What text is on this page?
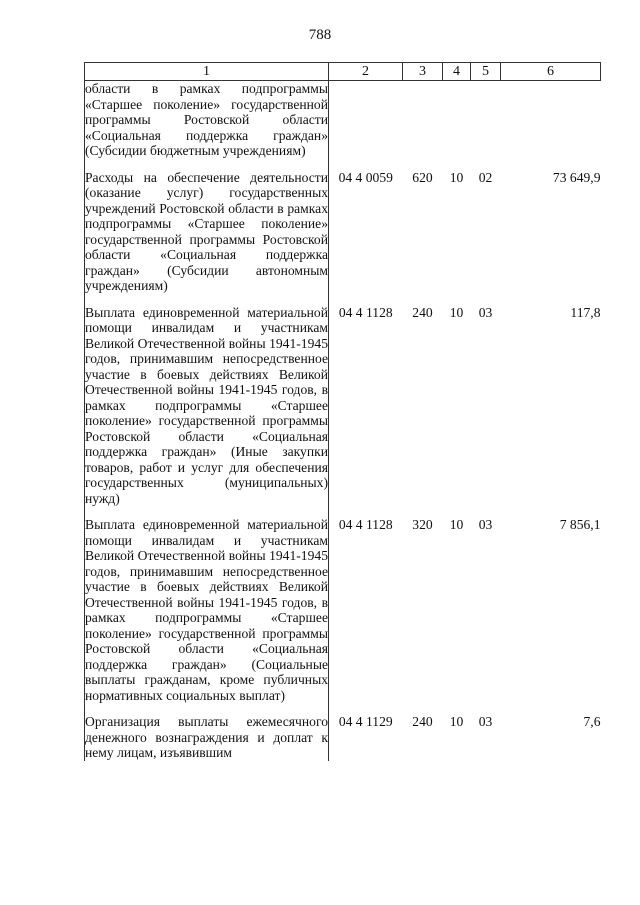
788
1	2	3	4	5	6
области в рамках подпрограммы «Старшее поколение» государственной программы Ростовской области «Социальная поддержка граждан» (Субсидии бюджетным учреждениям)					

Расходы на обеспечение деятельности (оказание услуг) государственных учреждений Ростовской области в рамках подпрограммы «Старшее поколение» государственной программы Ростовской области «Социальная поддержка граждан» (Субсидии автономным учреждениям)	04 4 0059	620	10	02	73 649,9

Выплата единовременной материальной помощи инвалидам и участникам Великой Отечественной войны 1941-1945 годов, принимавшим непосредственное участие в боевых действиях Великой Отечественной войны 1941-1945 годов, в рамках подпрограммы «Старшее поколение» государственной программы Ростовской области «Социальная поддержка граждан» (Иные закупки товаров, работ и услуг для обеспечения государственных (муниципальных) нужд)	04 4 1128	240	10	03	117,8

Выплата единовременной материальной помощи инвалидам и участникам Великой Отечественной войны 1941-1945 годов, принимавшим непосредственное участие в боевых действиях Великой Отечественной войны 1941-1945 годов, в рамках подпрограммы «Старшее поколение» государственной программы Ростовской области «Социальная поддержка граждан» (Социальные выплаты гражданам, кроме публичных нормативных социальных выплат)	04 4 1128	320	10	03	7 856,1

Организация выплаты ежемесячного денежного вознаграждения и доплат к нему лицам, изъявившим	04 4 1129	240	10	03	7,6
